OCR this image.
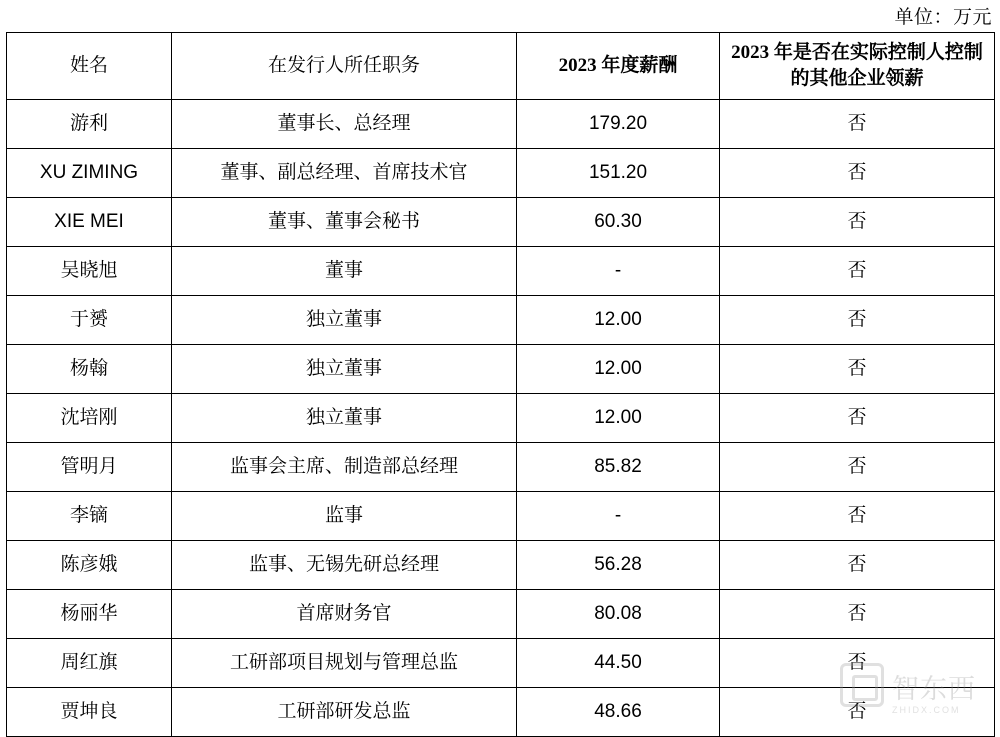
单位：万元
姓名	在发行人所任职务	2023 年度薪酬	2023 年是否在实际控制人控制的其他企业领薪

游利	董事长、总经理	179.20	否
XU ZIMING	董事、副总经理、首席技术官	151.20	否
XIE MEI	董事、董事会秘书	60.30	否
吴晓旭	董事	-	否
于赟	独立董事	12.00	否
杨翰	独立董事	12.00	否
沈培刚	独立董事	12.00	否
管明月	监事会主席、制造部总经理	85.82	否
李镝	监事	-	否
陈彦娥	监事、无锡先研总经理	56.28	否
杨丽华	首席财务官	80.08	否
周红旗	工研部项目规划与管理总监	44.50	否
贾坤良	工研部研发总监	48.66	否
智东西
ZHIDX.COM
